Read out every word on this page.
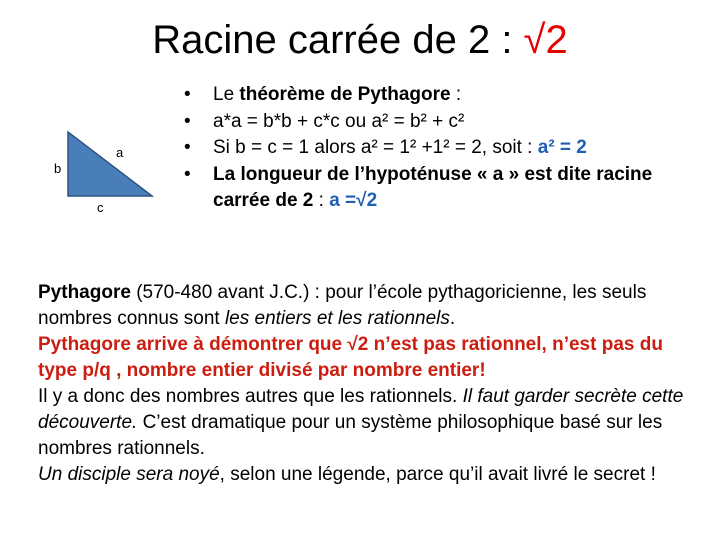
Racine carrée de 2 : √2
a
b
c
• Le théorème de Pythagore :
• a*a = b*b + c*c ou a² = b² + c²
• Si b = c = 1 alors a² = 1² +1² = 2, soit : a² = 2
• La longueur de l’hypoténuse « a » est dite racine carrée de 2 : a =√2
Pythagore (570-480 avant J.C.) : pour l’école pythagoricienne, les seuls nombres connus sont les entiers et les rationnels.
Pythagore arrive à démontrer que √2 n’est pas rationnel, n’est pas du type p/q , nombre entier divisé par nombre entier!
Il y a donc des nombres autres que les rationnels. Il faut garder secrète cette découverte. C’est dramatique pour un système philosophique basé sur les nombres rationnels.
Un disciple sera noyé, selon une légende, parce qu’il avait livré le secret !
